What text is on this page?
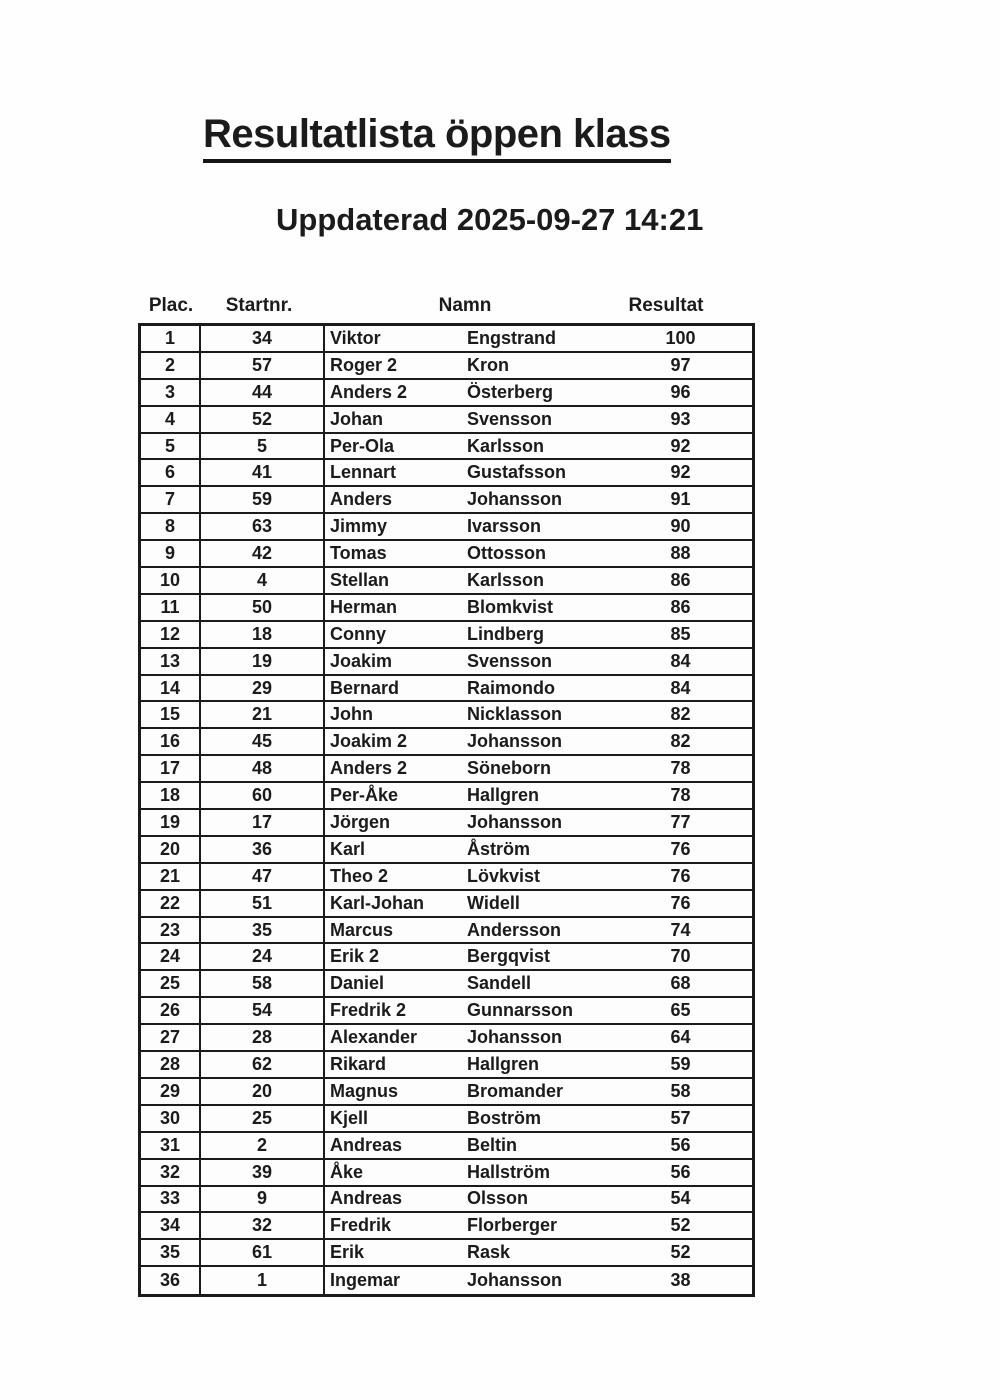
Resultatlista öppen klass
Uppdaterad 2025-09-27 14:21
Plac.	Startnr.	Namn	Resultat
1	34	Viktor	Engstrand	100
2	57	Roger 2	Kron	97
3	44	Anders 2	Österberg	96
4	52	Johan	Svensson	93
5	5	Per-Ola	Karlsson	92
6	41	Lennart	Gustafsson	92
7	59	Anders	Johansson	91
8	63	Jimmy	Ivarsson	90
9	42	Tomas	Ottosson	88
10	4	Stellan	Karlsson	86
11	50	Herman	Blomkvist	86
12	18	Conny	Lindberg	85
13	19	Joakim	Svensson	84
14	29	Bernard	Raimondo	84
15	21	John	Nicklasson	82
16	45	Joakim 2	Johansson	82
17	48	Anders 2	Söneborn	78
18	60	Per-Åke	Hallgren	78
19	17	Jörgen	Johansson	77
20	36	Karl	Åström	76
21	47	Theo 2	Lövkvist	76
22	51	Karl-Johan	Widell	76
23	35	Marcus	Andersson	74
24	24	Erik 2	Bergqvist	70
25	58	Daniel	Sandell	68
26	54	Fredrik 2	Gunnarsson	65
27	28	Alexander	Johansson	64
28	62	Rikard	Hallgren	59
29	20	Magnus	Bromander	58
30	25	Kjell	Boström	57
31	2	Andreas	Beltin	56
32	39	Åke	Hallström	56
33	9	Andreas	Olsson	54
34	32	Fredrik	Florberger	52
35	61	Erik	Rask	52
36	1	Ingemar	Johansson	38
